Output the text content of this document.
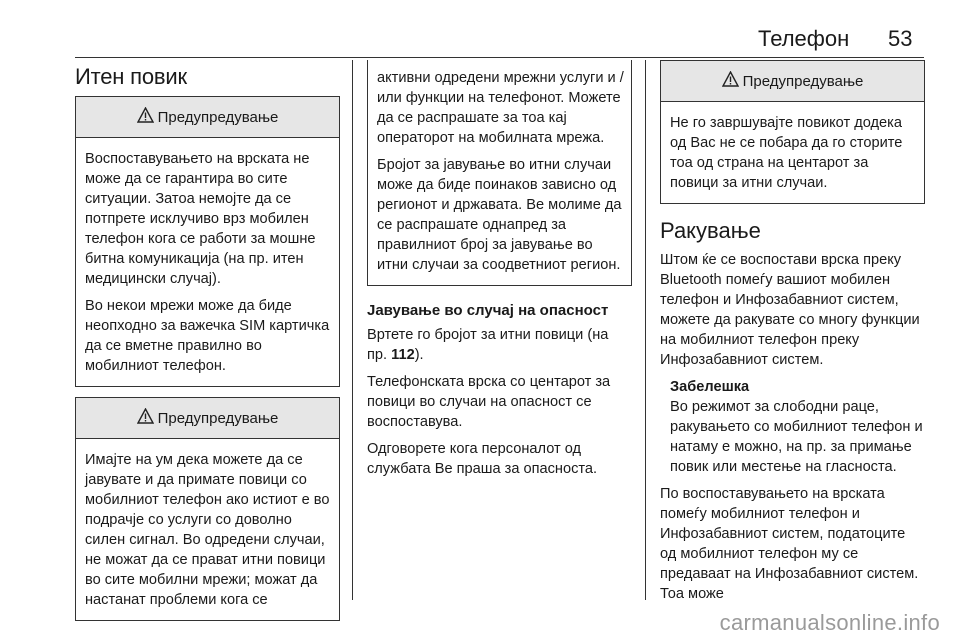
Телефон 53
Итен повик
Предупредување

Воспоставувањето на врската не може да се гарантира во сите ситуации. Затоа немојте да се потпрете исклучиво врз мобилен телефон кога се работи за мошне битна комуникација (на пр. итен медицински случај).

Во некои мрежи може да биде неопходно за важечка SIM картичка да се вметне правилно во мобилниот телефон.

Предупредување

Имајте на ум дека можете да се јавувате и да примате повици со мобилниот телефон ако истиот е во подрачје со услуги со доволно силен сигнал. Во одредени случаи, не можат да се прават итни повици во сите мобилни мрежи; можат да настанат проблеми кога се

активни одредени мрежни услуги и / или функции на телефонот. Можете да се распрашате за тоа кај операторот на мобилната мрежа.

Бројот за јавување во итни случаи може да биде поинаков зависно од регионот и државата. Ве молиме да се распрашате однапред за правилниот број за јавување во итни случаи за соодветниот регион.

Јавување во случај на опасност

Вртете го бројот за итни повици (на пр. 112).

Телефонската врска со центарот за повици во случаи на опасност се воспоставува.

Одговорете кога персоналот од службата Ве праша за опасноста.

Предупредување

Не го завршувајте повикот додека од Вас не се побара да го сторите тоа од страна на центарот за повици за итни случаи.

Ракување

Штом ќе се воспостави врска преку Bluetooth помеѓу вашиот мобилен телефон и Инфозабавниот систем, можете да ракувате со многу функции на мобилниот телефон преку Инфозабавниот систем.

Забелешка

Во режимот за слободни раце, ракувањето со мобилниот телефон и натаму е можно, на пр. за примање повик или местење на гласноста.

По воспоставувањето на врската помеѓу мобилниот телефон и Инфозабавниот систем, податоците од мобилниот телефон му се предаваат на Инфозабавниот систем. Тоа може

carmanualsonline.info
